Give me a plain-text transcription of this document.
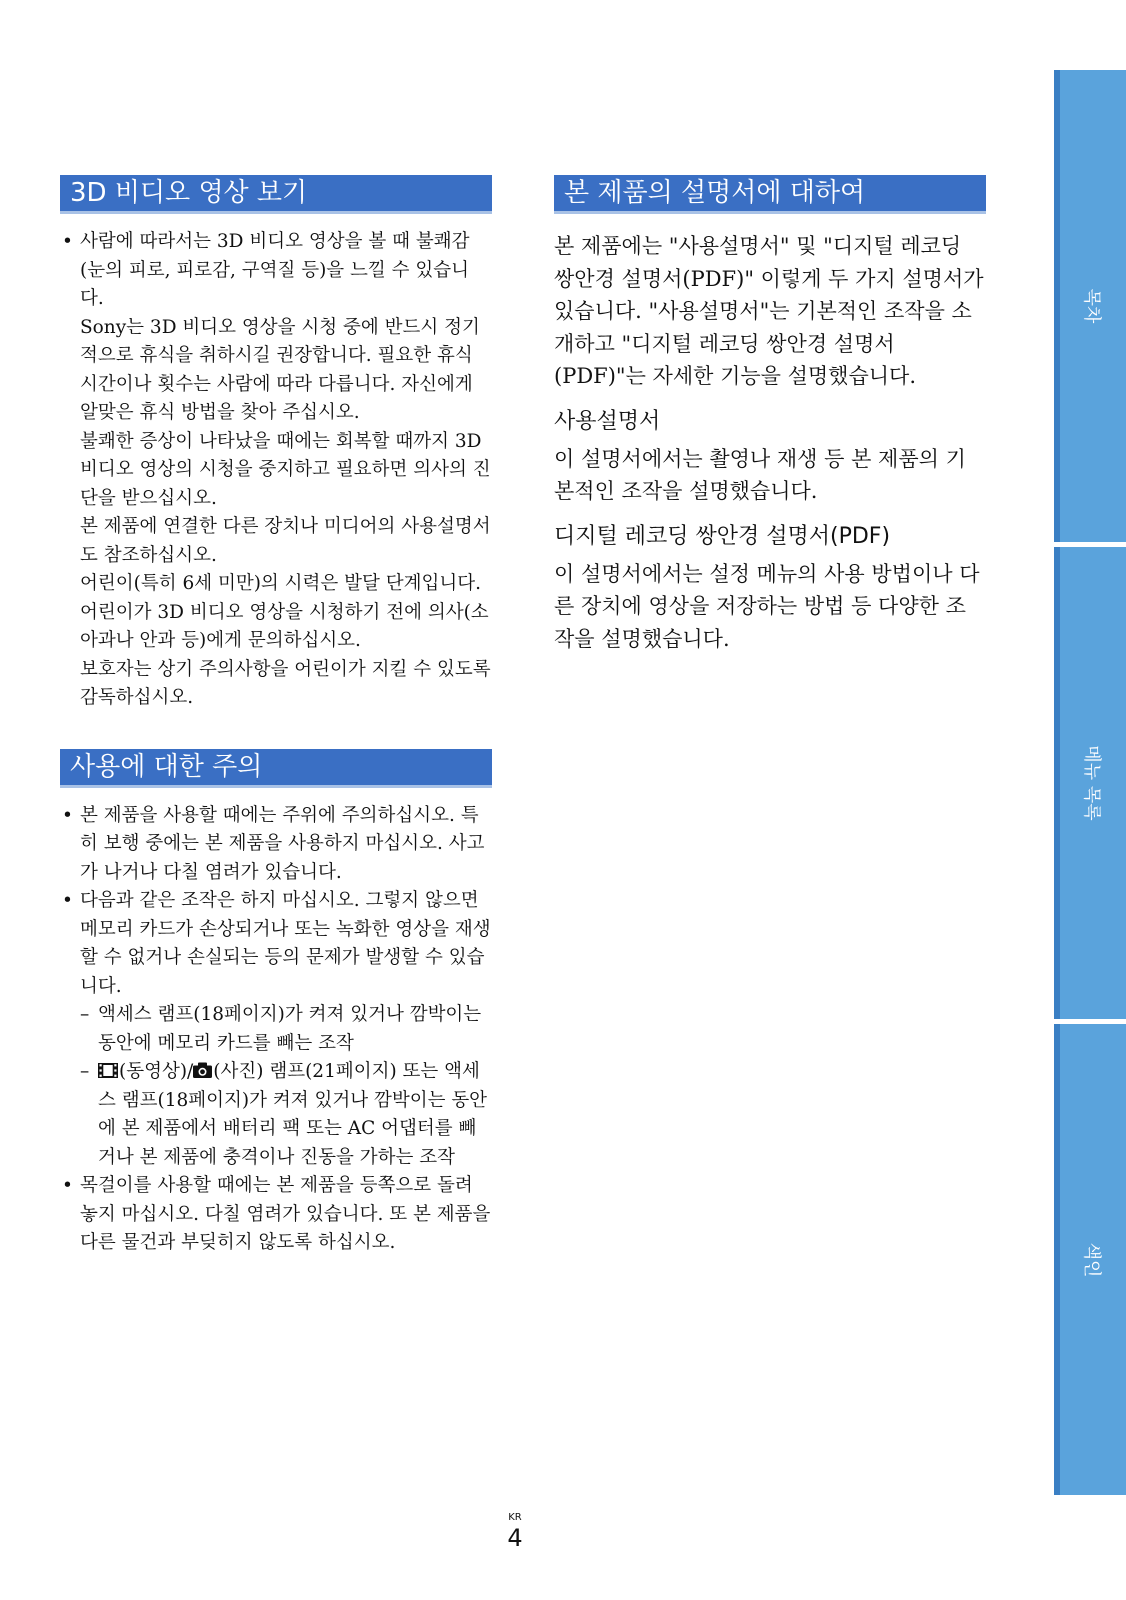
3D 비디오 영상 보기
• 사람에 따라서는 3D 비디오 영상을 볼 때 불쾌감(눈의 피로, 피로감, 구역질 등)을 느낄 수 있습니다.
Sony는 3D 비디오 영상을 시청 중에 반드시 정기적으로 휴식을 취하시길 권장합니다. 필요한 휴식 시간이나 횟수는 사람에 따라 다릅니다. 자신에게 알맞은 휴식 방법을 찾아 주십시오.
불쾌한 증상이 나타났을 때에는 회복할 때까지 3D 비디오 영상의 시청을 중지하고 필요하면 의사의 진단을 받으십시오.
본 제품에 연결한 다른 장치나 미디어의 사용설명서도 참조하십시오.
어린이(특히 6세 미만)의 시력은 발달 단계입니다. 어린이가 3D 비디오 영상을 시청하기 전에 의사(소아과나 안과 등)에게 문의하십시오.
보호자는 상기 주의사항을 어린이가 지킬 수 있도록 감독하십시오.
사용에 대한 주의
• 본 제품을 사용할 때에는 주위에 주의하십시오. 특히 보행 중에는 본 제품을 사용하지 마십시오. 사고가 나거나 다칠 염려가 있습니다.
• 다음과 같은 조작은 하지 마십시오. 그렇지 않으면 메모리 카드가 손상되거나 또는 녹화한 영상을 재생할 수 없거나 손실되는 등의 문제가 발생할 수 있습니다.
– 액세스 램프(18페이지)가 켜져 있거나 깜박이는 동안에 메모리 카드를 빼는 조작
– (동영상)/ (사진) 램프(21페이지) 또는 액세스 램프(18페이지)가 켜져 있거나 깜박이는 동안에 본 제품에서 배터리 팩 또는 AC 어댑터를 빼거나 본 제품에 충격이나 진동을 가하는 조작
• 목걸이를 사용할 때에는 본 제품을 등쪽으로 돌려 놓지 마십시오. 다칠 염려가 있습니다. 또 본 제품을 다른 물건과 부딪히지 않도록 하십시오.
본 제품의 설명서에 대하여

본 제품에는 "사용설명서" 및 "디지털 레코딩 쌍안경 설명서(PDF)" 이렇게 두 가지 설명서가 있습니다. "사용설명서"는 기본적인 조작을 소개하고 "디지털 레코딩 쌍안경 설명서(PDF)"는 자세한 기능을 설명했습니다.

사용설명서

이 설명서에서는 촬영나 재생 등 본 제품의 기본적인 조작을 설명했습니다.

디지털 레코딩 쌍안경 설명서(PDF)

이 설명서에서는 설정 메뉴의 사용 방법이나 다른 장치에 영상을 저장하는 방법 등 다양한 조작을 설명했습니다.

목차
메뉴 목록
색인
KR
4
